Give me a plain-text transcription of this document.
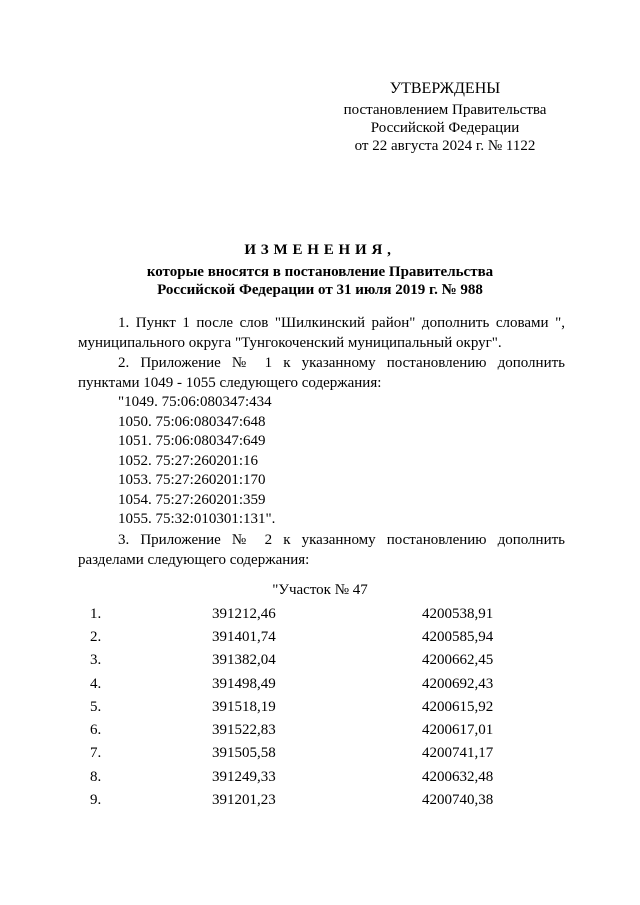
УТВЕРЖДЕНЫ
постановлением Правительства
Российской Федерации
от 22 августа 2024 г. № 1122
ИЗМЕНЕНИЯ,
которые вносятся в постановление Правительства
Российской Федерации от 31 июля 2019 г. № 988

1. Пункт 1 после слов "Шилкинский район" дополнить словами ", муниципального округа "Тунгокоченский муниципальный округ".

2. Приложение № 1 к указанному постановлению дополнить пунктами 1049 - 1055 следующего содержания:

"1049. 75:06:080347:434
1050. 75:06:080347:648
1051. 75:06:080347:649
1052. 75:27:260201:16
1053. 75:27:260201:170
1054. 75:27:260201:359
1055. 75:32:010301:131".

3. Приложение № 2 к указанному постановлению дополнить разделами следующего содержания:

"Участок № 47
1.	391212,46	4200538,91
2.	391401,74	4200585,94
3.	391382,04	4200662,45
4.	391498,49	4200692,43
5.	391518,19	4200615,92
6.	391522,83	4200617,01
7.	391505,58	4200741,17
8.	391249,33	4200632,48
9.	391201,23	4200740,38
